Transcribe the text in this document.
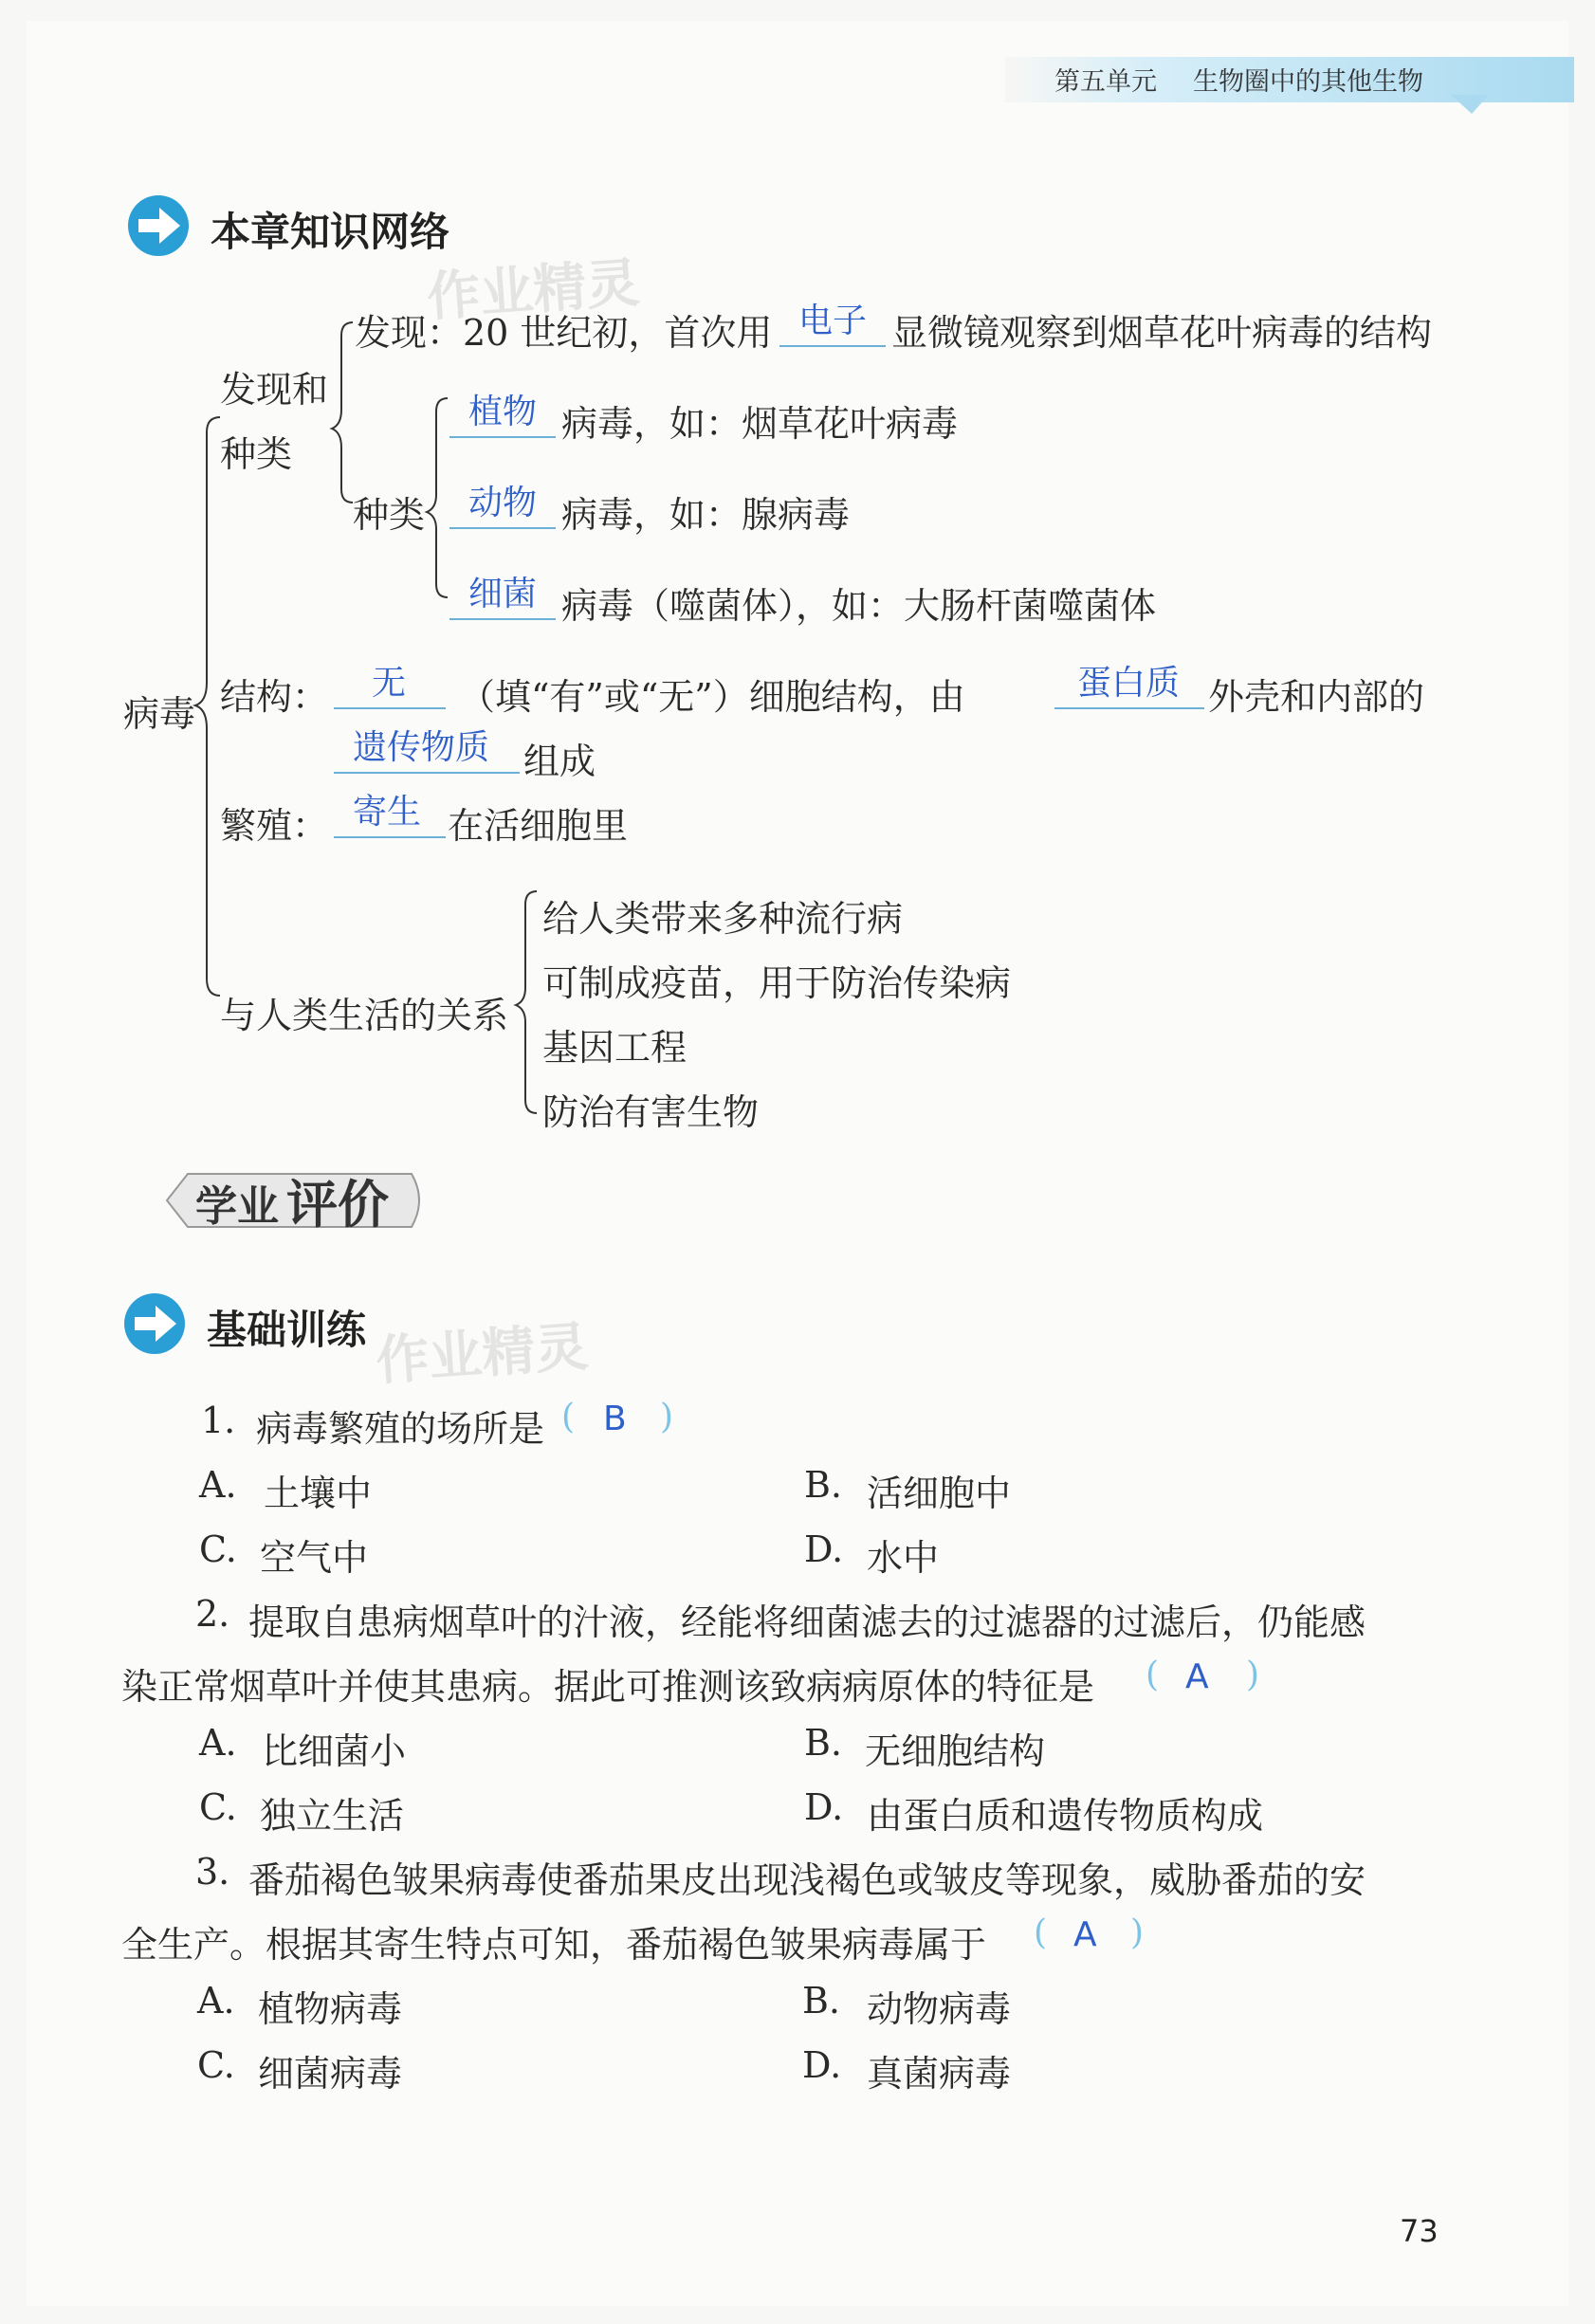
第五单元 生物圈中的其他生物
本章知识网络
作业精灵
病毒
发现和
种类
发现：20 世纪初，首次用 电子 显微镜观察到烟草花叶病毒的结构
种类
植物 病毒，如：烟草花叶病毒
动物 病毒，如：腺病毒
细菌 病毒（噬菌体），如：大肠杆菌噬菌体
结构： 无 （填“有”或“无”）细胞结构，由	蛋白质 外壳和内部的
遗传物质 组成
繁殖： 寄生 在活细胞里
与人类生活的关系
给人类带来多种流行病
可制成疫苗，用于防治传染病
基因工程
防治有害生物
学业 评价
基础训练 作业精灵
1. 病毒繁殖的场所是 ( B )
A. 土壤中	B. 活细胞中
C. 空气中	D. 水中
2. 提取自患病烟草叶的汁液，经能将细菌滤去的过滤器的过滤后，仍能感
染正常烟草叶并使其患病。据此可推测该致病病原体的特征是 ( A )
A. 比细菌小	B. 无细胞结构
C. 独立生活	D. 由蛋白质和遗传物质构成
3. 番茄褐色皱果病毒使番茄果皮出现浅褐色或皱皮等现象，威胁番茄的安
全生产。根据其寄生特点可知，番茄褐色皱果病毒属于 ( A )
A. 植物病毒	B. 动物病毒
C. 细菌病毒	D. 真菌病毒
73
